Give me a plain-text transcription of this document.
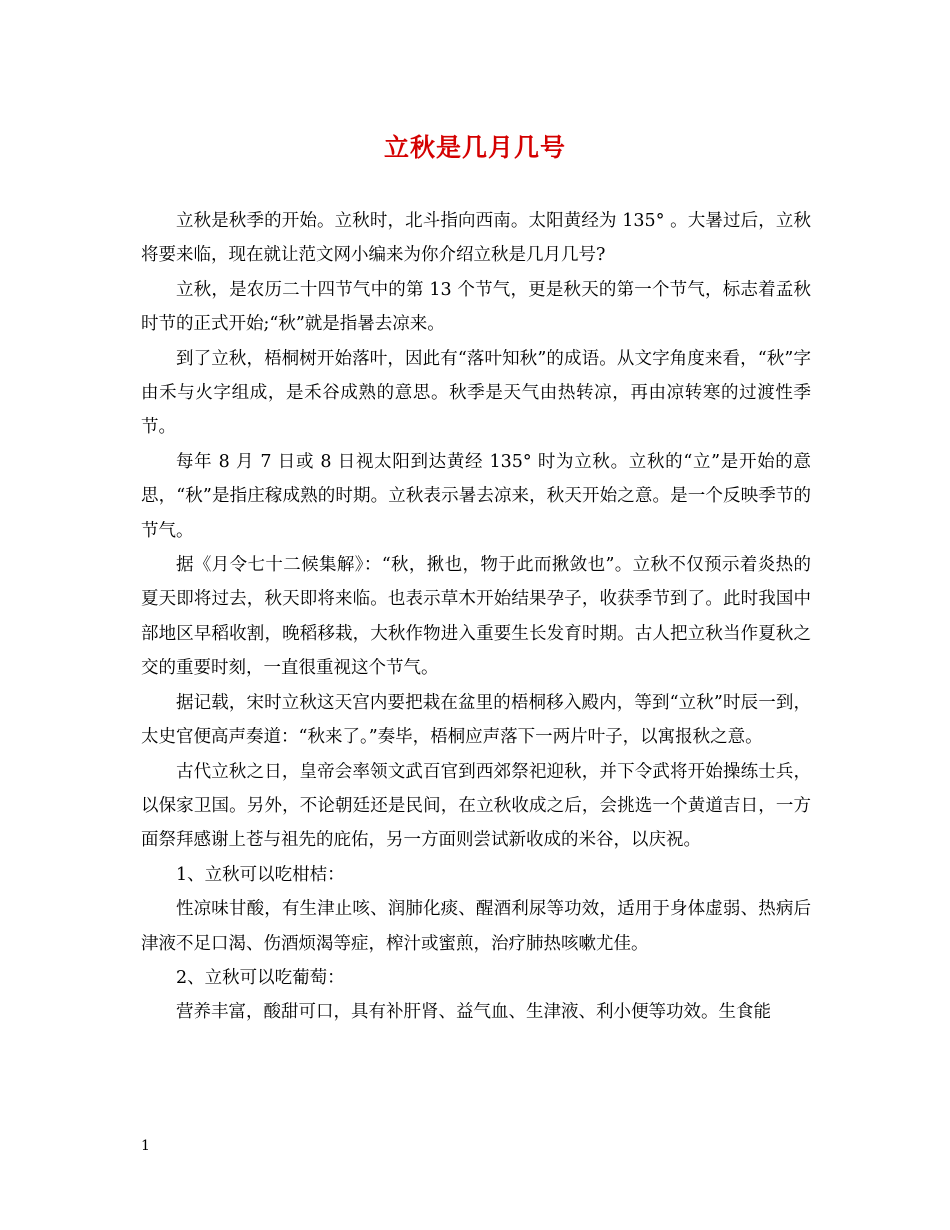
立秋是几月几号

立秋是秋季的开始。立秋时，北斗指向西南。太阳黄经为 135° 。大暑过后，立秋将要来临，现在就让范文网小编来为你介绍立秋是几月几号?

立秋，是农历二十四节气中的第 13 个节气，更是秋天的第一个节气，标志着孟秋时节的正式开始;“秋”就是指暑去凉来。

到了立秋，梧桐树开始落叶，因此有“落叶知秋”的成语。从文字角度来看，“秋”字由禾与火字组成，是禾谷成熟的意思。秋季是天气由热转凉，再由凉转寒的过渡性季节。

每年 8 月 7 日或 8 日视太阳到达黄经 135° 时为立秋。立秋的“立”是开始的意思，“秋”是指庄稼成熟的时期。立秋表示暑去凉来，秋天开始之意。是一个反映季节的节气。

据《月令七十二候集解》：“秋，揪也，物于此而揪敛也”。立秋不仅预示着炎热的夏天即将过去，秋天即将来临。也表示草木开始结果孕子，收获季节到了。此时我国中部地区早稻收割，晚稻移栽，大秋作物进入重要生长发育时期。古人把立秋当作夏秋之交的重要时刻，一直很重视这个节气。

据记载，宋时立秋这天宫内要把栽在盆里的梧桐移入殿内，等到“立秋”时辰一到，太史官便高声奏道：“秋来了。”奏毕，梧桐应声落下一两片叶子，以寓报秋之意。

古代立秋之日，皇帝会率领文武百官到西郊祭祀迎秋，并下令武将开始操练士兵，以保家卫国。另外，不论朝廷还是民间，在立秋收成之后，会挑选一个黄道吉日，一方面祭拜感谢上苍与祖先的庇佑，另一方面则尝试新收成的米谷，以庆祝。

1、立秋可以吃柑桔：

性凉味甘酸，有生津止咳、润肺化痰、醒酒利尿等功效，适用于身体虚弱、热病后津液不足口渴、伤酒烦渴等症，榨汁或蜜煎，治疗肺热咳嗽尤佳。

2、立秋可以吃葡萄：

营养丰富，酸甜可口，具有补肝肾、益气血、生津液、利小便等功效。生食能

1
